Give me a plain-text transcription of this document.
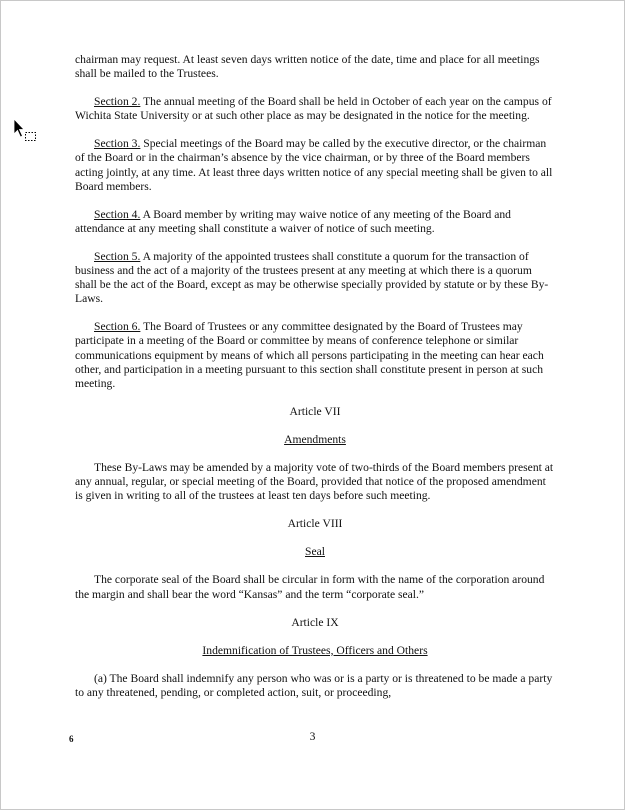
chairman may request. At least seven days written notice of the date, time and place for all meetings shall be mailed to the Trustees.

Section 2. The annual meeting of the Board shall be held in October of each year on the campus of Wichita State University or at such other place as may be designated in the notice for the meeting.

Section 3. Special meetings of the Board may be called by the executive director, or the chairman of the Board or in the chairman’s absence by the vice chairman, or by three of the Board members acting jointly, at any time. At least three days written notice of any special meeting shall be given to all Board members.

Section 4. A Board member by writing may waive notice of any meeting of the Board and attendance at any meeting shall constitute a waiver of notice of such meeting.

Section 5. A majority of the appointed trustees shall constitute a quorum for the transaction of business and the act of a majority of the trustees present at any meeting at which there is a quorum shall be the act of the Board, except as may be otherwise specially provided by statute or by these By-Laws.

Section 6. The Board of Trustees or any committee designated by the Board of Trustees may participate in a meeting of the Board or committee by means of conference telephone or similar communications equipment by means of which all persons participating in the meeting can hear each other, and participation in a meeting pursuant to this section shall constitute present in person at such meeting.

Article VII

Amendments

These By-Laws may be amended by a majority vote of two-thirds of the Board members present at any annual, regular, or special meeting of the Board, provided that notice of the proposed amendment is given in writing to all of the trustees at least ten days before such meeting.

Article VIII

Seal

The corporate seal of the Board shall be circular in form with the name of the corporation around the margin and shall bear the word “Kansas” and the term “corporate seal.”

Article IX

Indemnification of Trustees, Officers and Others

(a) The Board shall indemnify any person who was or is a party or is threatened to be made a party to any threatened, pending, or completed action, suit, or proceeding,

6	3
